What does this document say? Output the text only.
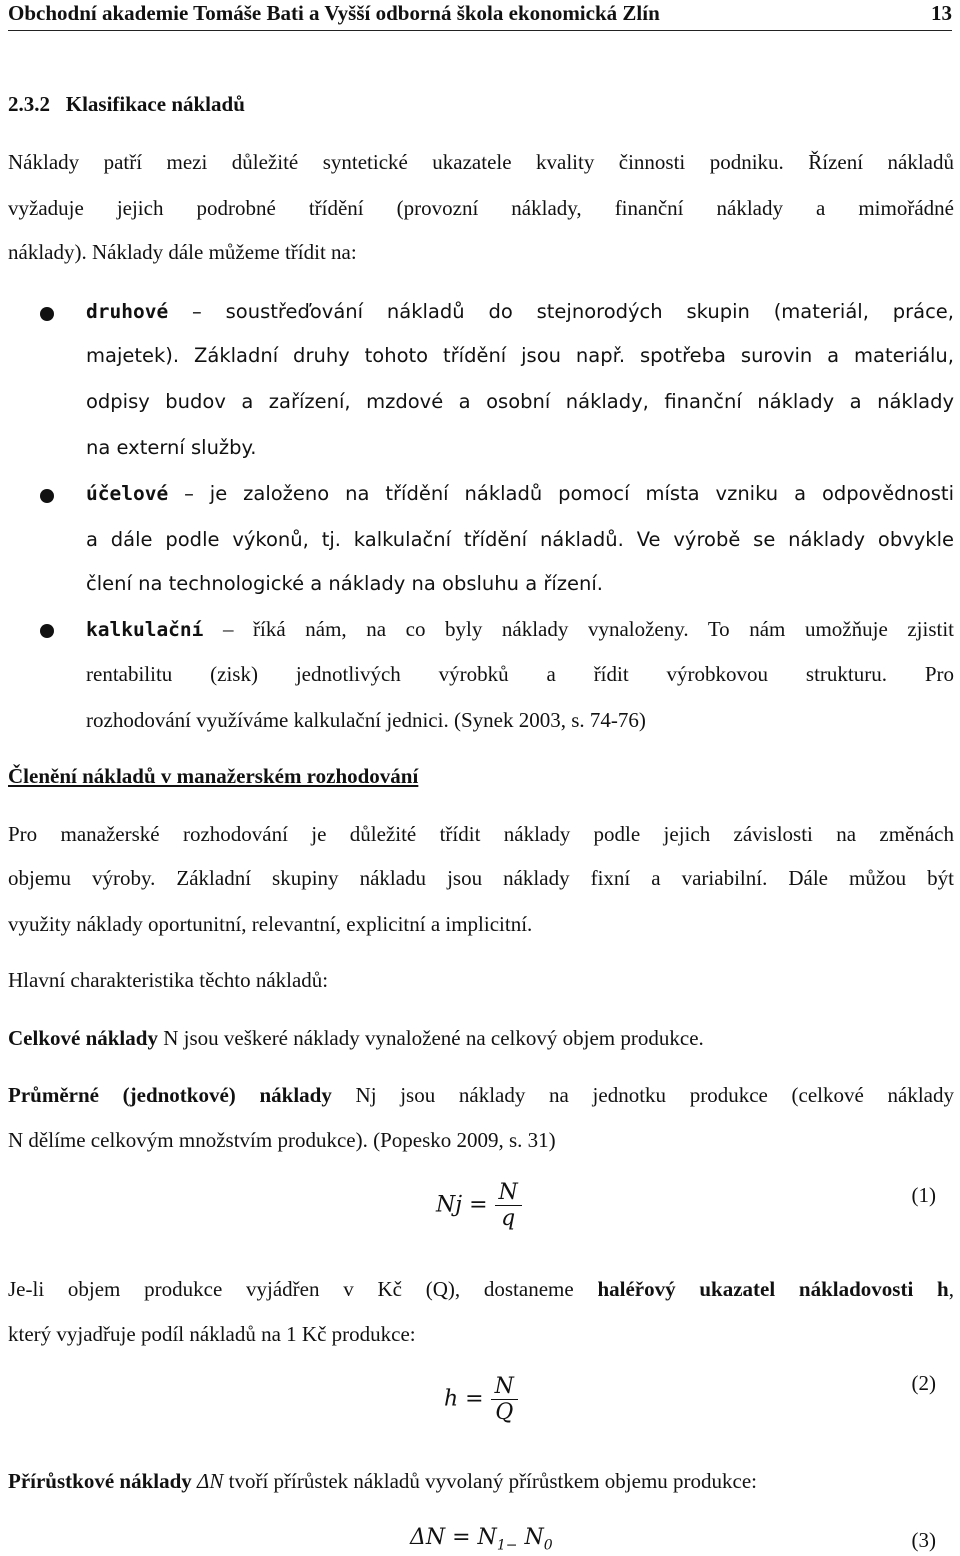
Obchodní akademie Tomáše Bati a Vyšší odborná škola ekonomická Zlín	13
2.3.2 Klasifikace nákladů
Náklady patří mezi důležité syntetické ukazatele kvality činnosti podniku. Řízení nákladů
vyžaduje jejich podrobné třídění (provozní náklady, finanční náklady a mimořádné
náklady). Náklady dále můžeme třídit na:
druhové – soustřeďování nákladů do stejnorodých skupin (materiál, práce,
majetek). Základní druhy tohoto třídění jsou např. spotřeba surovin a materiálu,
odpisy budov a zařízení, mzdové a osobní náklady, finanční náklady a náklady
na externí služby.
účelové – je založeno na třídění nákladů pomocí místa vzniku a odpovědnosti
a dále podle výkonů, tj. kalkulační třídění nákladů. Ve výrobě se náklady obvykle
člení na technologické a náklady na obsluhu a řízení.
kalkulační – říká nám, na co byly náklady vynaloženy. To nám umožňuje zjistit
rentabilitu (zisk) jednotlivých výrobků a řídit výrobkovou strukturu. Pro
rozhodování využíváme kalkulační jednici. (Synek 2003, s. 74-76)
Členění nákladů v manažerském rozhodování
Pro manažerské rozhodování je důležité třídit náklady podle jejich závislosti na změnách
objemu výroby. Základní skupiny nákladu jsou náklady fixní a variabilní. Dále můžou být
využity náklady oportunitní, relevantní, explicitní a implicitní.
Hlavní charakteristika těchto nákladů:
Celkové náklady N jsou veškeré náklady vynaložené na celkový objem produkce.
Průměrné (jednotkové) náklady Nj jsou náklady na jednotku produkce (celkové náklady
N dělíme celkovým množstvím produkce). (Popesko 2009, s. 31)
$Nj = \frac{N}{q}$	(1)
Je-li objem produkce vyjádřen v Kč (Q), dostaneme haléřový ukazatel nákladovosti h,
který vyjadřuje podíl nákladů na 1 Kč produkce:
$h = \frac{N}{Q}$	(2)
Přírůstkové náklady ΔN tvoří přírůstek nákladů vyvolaný přírůstkem objemu produkce:
$\Delta N = N_{1-}$ $N_0$	(3)
